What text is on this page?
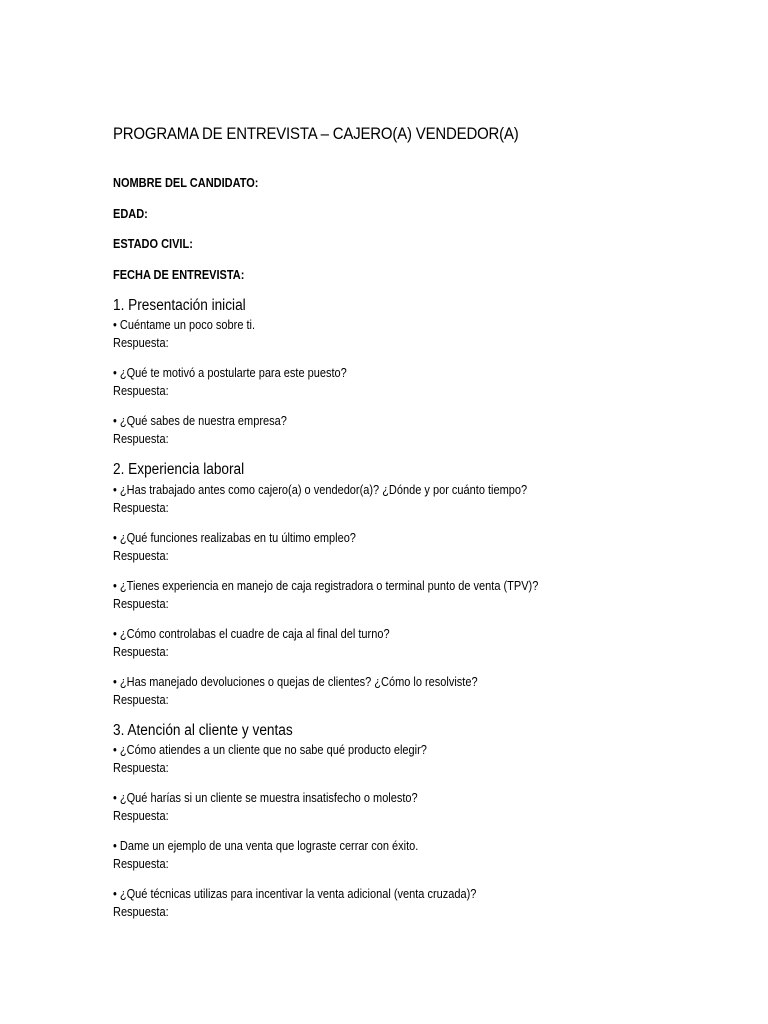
PROGRAMA DE ENTREVISTA – CAJERO(A) VENDEDOR(A)

NOMBRE DEL CANDIDATO:

EDAD:

ESTADO CIVIL:

FECHA DE ENTREVISTA:

1. Presentación inicial
• Cuéntame un poco sobre ti.
Respuesta:
• ¿Qué te motivó a postularte para este puesto?
Respuesta:
• ¿Qué sabes de nuestra empresa?
Respuesta:
2. Experiencia laboral
• ¿Has trabajado antes como cajero(a) o vendedor(a)? ¿Dónde y por cuánto tiempo?
Respuesta:
• ¿Qué funciones realizabas en tu último empleo?
Respuesta:
• ¿Tienes experiencia en manejo de caja registradora o terminal punto de venta (TPV)?
Respuesta:
• ¿Cómo controlabas el cuadre de caja al final del turno?
Respuesta:
• ¿Has manejado devoluciones o quejas de clientes? ¿Cómo lo resolviste?
Respuesta:
3. Atención al cliente y ventas
• ¿Cómo atiendes a un cliente que no sabe qué producto elegir?
Respuesta:
• ¿Qué harías si un cliente se muestra insatisfecho o molesto?
Respuesta:
• Dame un ejemplo de una venta que lograste cerrar con éxito.
Respuesta:
• ¿Qué técnicas utilizas para incentivar la venta adicional (venta cruzada)?
Respuesta:
